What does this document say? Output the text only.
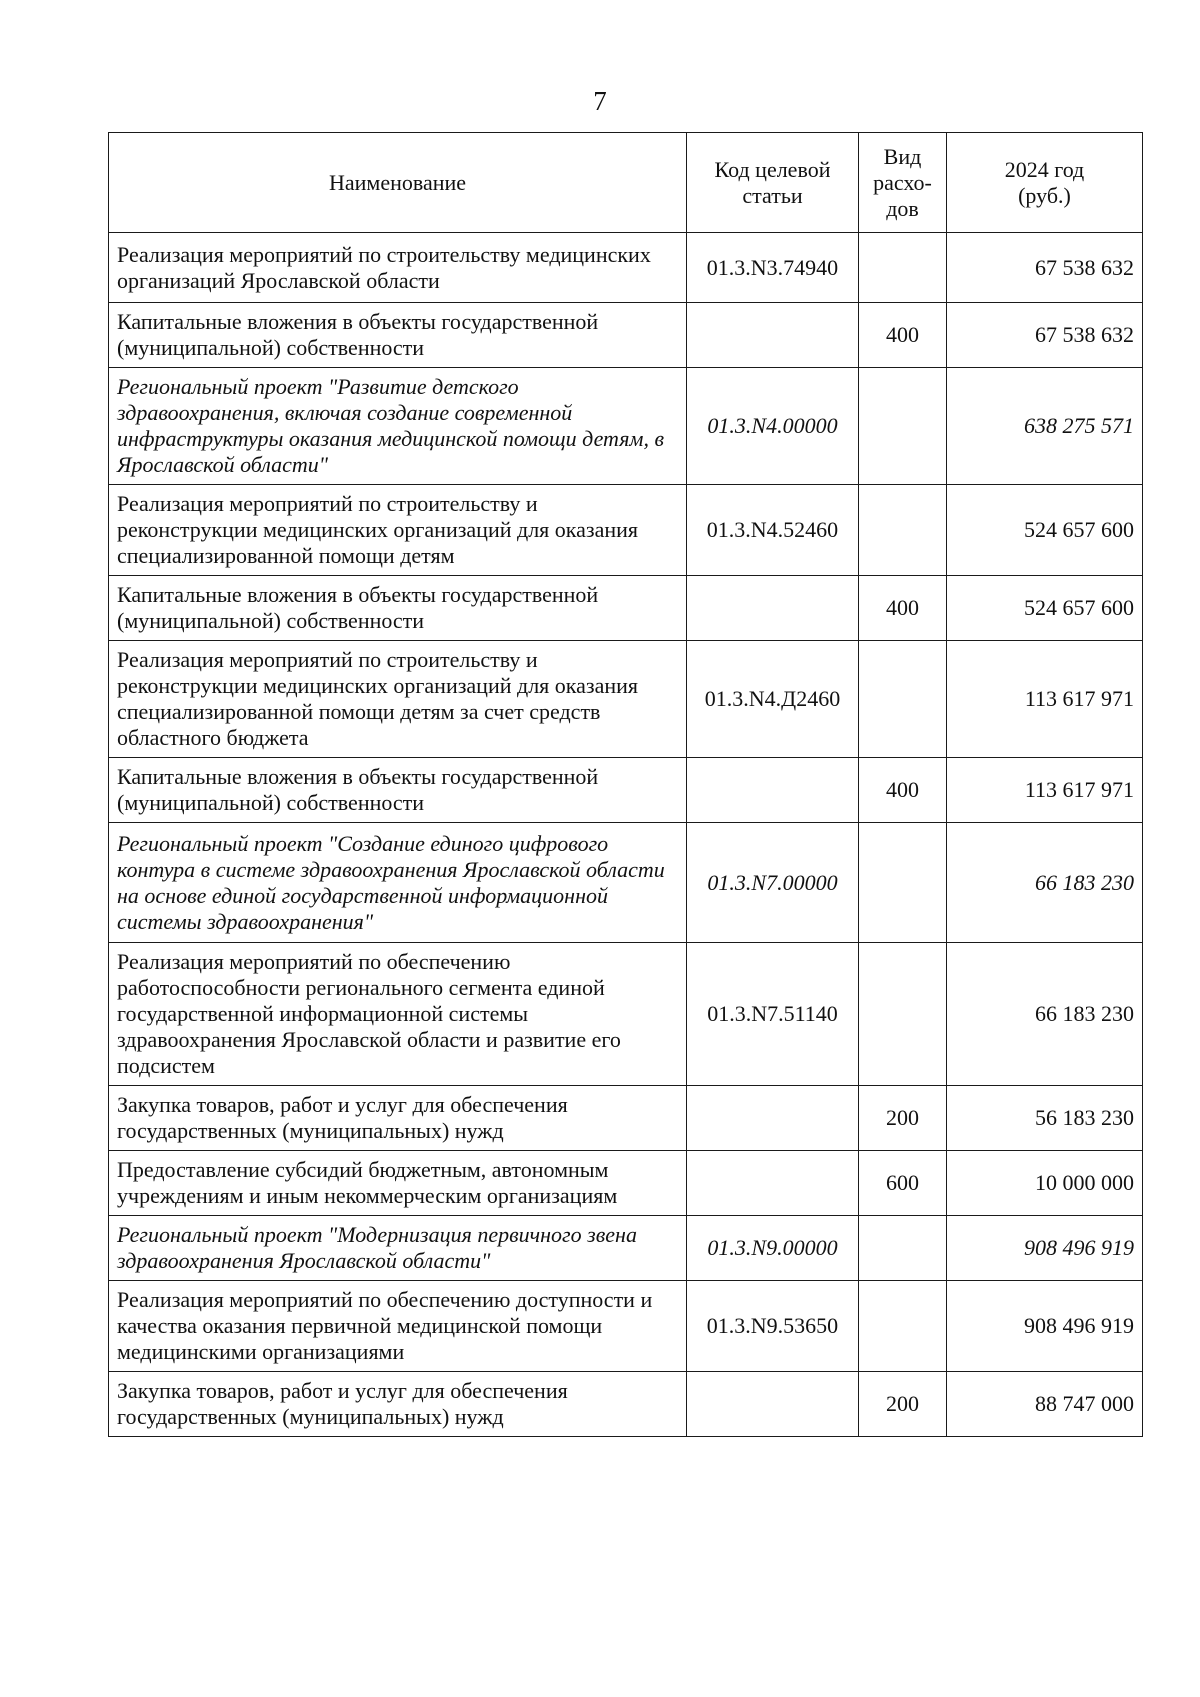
7
Наименование	Код целевой статьи	Вид расхо-дов	2024 год (руб.)
Реализация мероприятий по строительству медицинских организаций Ярославской области	01.3.N3.74940		67 538 632
Капитальные вложения в объекты государственной (муниципальной) собственности		400	67 538 632
Региональный проект "Развитие детского здравоохранения, включая создание современной инфраструктуры оказания медицинской помощи детям, в Ярославской области"	01.3.N4.00000		638 275 571
Реализация мероприятий по строительству и реконструкции медицинских организаций для оказания специализированной помощи детям	01.3.N4.52460		524 657 600
Капитальные вложения в объекты государственной (муниципальной) собственности		400	524 657 600
Реализация мероприятий по строительству и реконструкции медицинских организаций для оказания специализированной помощи детям за счет средств областного бюджета	01.3.N4.Д2460		113 617 971
Капитальные вложения в объекты государственной (муниципальной) собственности		400	113 617 971
Региональный проект "Создание единого цифрового контура в системе здравоохранения Ярославской области на основе единой государственной информационной системы здравоохранения"	01.3.N7.00000		66 183 230
Реализация мероприятий по обеспечению работоспособности регионального сегмента единой государственной информационной системы здравоохранения Ярославской области и развитие его подсистем	01.3.N7.51140		66 183 230
Закупка товаров, работ и услуг для обеспечения государственных (муниципальных) нужд		200	56 183 230
Предоставление субсидий бюджетным, автономным учреждениям и иным некоммерческим организациям		600	10 000 000
Региональный проект "Модернизация первичного звена здравоохранения Ярославской области"	01.3.N9.00000		908 496 919
Реализация мероприятий по обеспечению доступности и качества оказания первичной медицинской помощи медицинскими организациями	01.3.N9.53650		908 496 919
Закупка товаров, работ и услуг для обеспечения государственных (муниципальных) нужд		200	88 747 000
